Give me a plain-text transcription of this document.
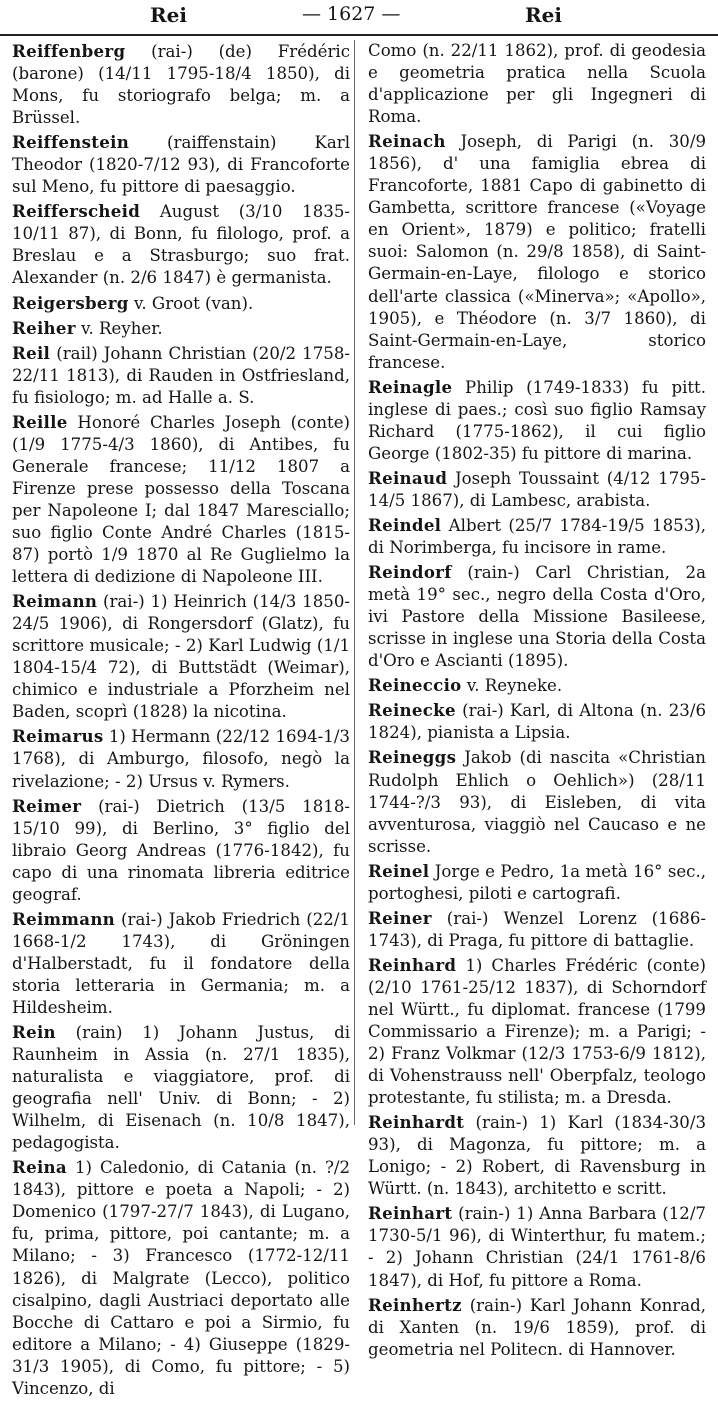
Rei	— 1627 —	Rei

Reiffenberg (rai-) (de) Frédéric (barone) (14/11 1795-18/4 1850), di Mons, fu storiografo belga; m. a Brüssel.

Reiffenstein (raiffenstain) Karl Theodor (1820-7/12 93), di Francoforte sul Meno, fu pittore di paesaggio.

Reifferscheid August (3/10 1835-10/11 87), di Bonn, fu filologo, prof. a Breslau e a Strasburgo; suo frat. Alexander (n. 2/6 1847) è germanista.

Reigersberg v. Groot (van).

Reiher v. Reyher.

Reil (rail) Johann Christian (20/2 1758-22/11 1813), di Rauden in Ostfriesland, fu fisiologo; m. ad Halle a. S.

Reille Honoré Charles Joseph (conte) (1/9 1775-4/3 1860), di Antibes, fu Generale francese; 11/12 1807 a Firenze prese possesso della Toscana per Napoleone I; dal 1847 Maresciallo; suo figlio Conte André Charles (1815-87) portò 1/9 1870 al Re Guglielmo la lettera di dedizione di Napoleone III.

Reimann (rai-) 1) Heinrich (14/3 1850-24/5 1906), di Rongersdorf (Glatz), fu scrittore musicale; - 2) Karl Ludwig (1/1 1804-15/4 72), di Buttstädt (Weimar), chimico e industriale a Pforzheim nel Baden, scoprì (1828) la nicotina.

Reimarus 1) Hermann (22/12 1694-1/3 1768), di Amburgo, filosofo, negò la rivelazione; - 2) Ursus v. Rymers.

Reimer (rai-) Dietrich (13/5 1818-15/10 99), di Berlino, 3° figlio del libraio Georg Andreas (1776-1842), fu capo di una rinomata libreria editrice geograf.

Reimmann (rai-) Jakob Friedrich (22/1 1668-1/2 1743), di Gröningen d'Halberstadt, fu il fondatore della storia letteraria in Germania; m. a Hildesheim.

Rein (rain) 1) Johann Justus, di Raunheim in Assia (n. 27/1 1835), naturalista e viaggiatore, prof. di geografia nell' Univ. di Bonn; - 2) Wilhelm, di Eisenach (n. 10/8 1847), pedagogista.

Reina 1) Caledonio, di Catania (n. ?/2 1843), pittore e poeta a Napoli; - 2) Domenico (1797-27/7 1843), di Lugano, fu, prima, pittore, poi cantante; m. a Milano; - 3) Francesco (1772-12/11 1826), di Malgrate (Lecco), politico cisalpino, dagli Austriaci deportato alle Bocche di Cattaro e poi a Sirmio, fu editore a Milano; - 4) Giuseppe (1829-31/3 1905), di Como, fu pittore; - 5) Vincenzo, di

Como (n. 22/11 1862), prof. di geodesia e geometria pratica nella Scuola d'applicazione per gli Ingegneri di Roma.

Reinach Joseph, di Parigi (n. 30/9 1856), d' una famiglia ebrea di Francoforte, 1881 Capo di gabinetto di Gambetta, scrittore francese («Voyage en Orient», 1879) e politico; fratelli suoi: Salomon (n. 29/8 1858), di Saint-Germain-en-Laye, filologo e storico dell'arte classica («Minerva»; «Apollo», 1905), e Théodore (n. 3/7 1860), di Saint-Germain-en-Laye, storico francese.

Reinagle Philip (1749-1833) fu pitt. inglese di paes.; così suo figlio Ramsay Richard (1775-1862), il cui figlio George (1802-35) fu pittore di marina.

Reinaud Joseph Toussaint (4/12 1795-14/5 1867), di Lambesc, arabista.

Reindel Albert (25/7 1784-19/5 1853), di Norimberga, fu incisore in rame.

Reindorf (rain-) Carl Christian, 2a metà 19° sec., negro della Costa d'Oro, ivi Pastore della Missione Basileese, scrisse in inglese una Storia della Costa d'Oro e Ascianti (1895).

Reineccio v. Reyneke.

Reinecke (rai-) Karl, di Altona (n. 23/6 1824), pianista a Lipsia.

Reineggs Jakob (di nascita «Christian Rudolph Ehlich o Oehlich») (28/11 1744-?/3 93), di Eisleben, di vita avventurosa, viaggiò nel Caucaso e ne scrisse.

Reinel Jorge e Pedro, 1a metà 16° sec., portoghesi, piloti e cartografi.

Reiner (rai-) Wenzel Lorenz (1686-1743), di Praga, fu pittore di battaglie.

Reinhard 1) Charles Frédéric (conte) (2/10 1761-25/12 1837), di Schorndorf nel Württ., fu diplomat. francese (1799 Commissario a Firenze); m. a Parigi; - 2) Franz Volkmar (12/3 1753-6/9 1812), di Vohenstrauss nell' Oberpfalz, teologo protestante, fu stilista; m. a Dresda.

Reinhardt (rain-) 1) Karl (1834-30/3 93), di Magonza, fu pittore; m. a Lonigo; - 2) Robert, di Ravensburg in Württ. (n. 1843), architetto e scritt.

Reinhart (rain-) 1) Anna Barbara (12/7 1730-5/1 96), di Winterthur, fu matem.; - 2) Johann Christian (24/1 1761-8/6 1847), di Hof, fu pittore a Roma.

Reinhertz (rain-) Karl Johann Konrad, di Xanten (n. 19/6 1859), prof. di geometria nel Politecn. di Hannover.
